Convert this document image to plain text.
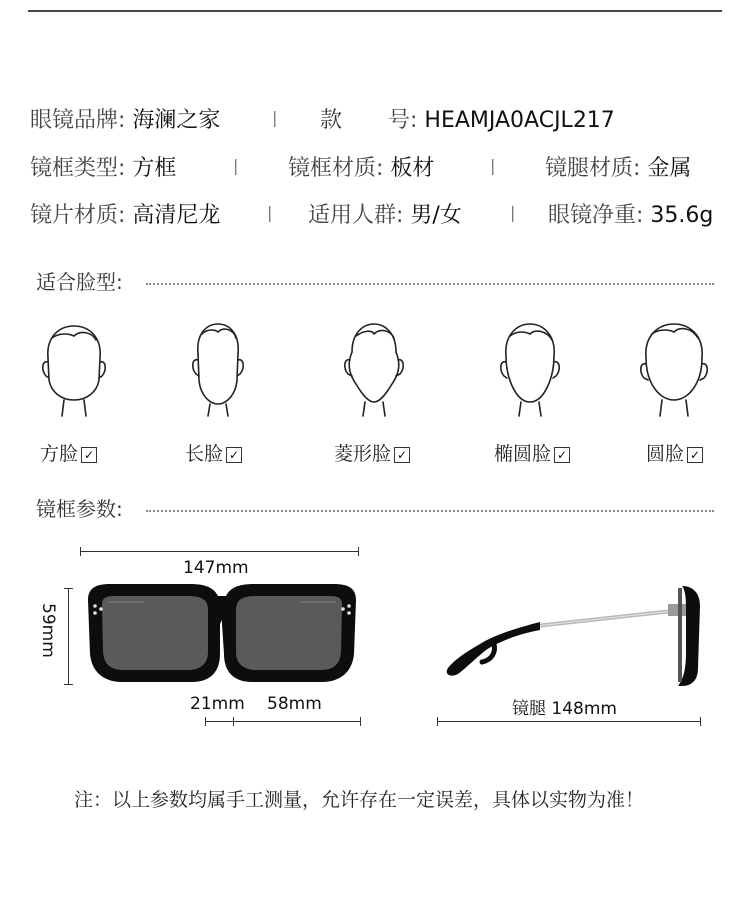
眼镜品牌: 海澜之家	| 款 号: HEAMJA0ACJL217
镜框类型: 方框	| 镜框材质: 板材	| 镜腿材质: 金属
镜片材质: 高清尼龙	| 适用人群: 男/女	| 眼镜净重: 35.6g
适合脸型:
方脸 ✓	长脸 ✓	菱形脸 ✓	椭圆脸 ✓	圆脸 ✓
镜框参数:
147mm
59mm
21mm 58mm	镜腿 148mm
注：以上参数均属手工测量，允许存在一定误差，具体以实物为准！
